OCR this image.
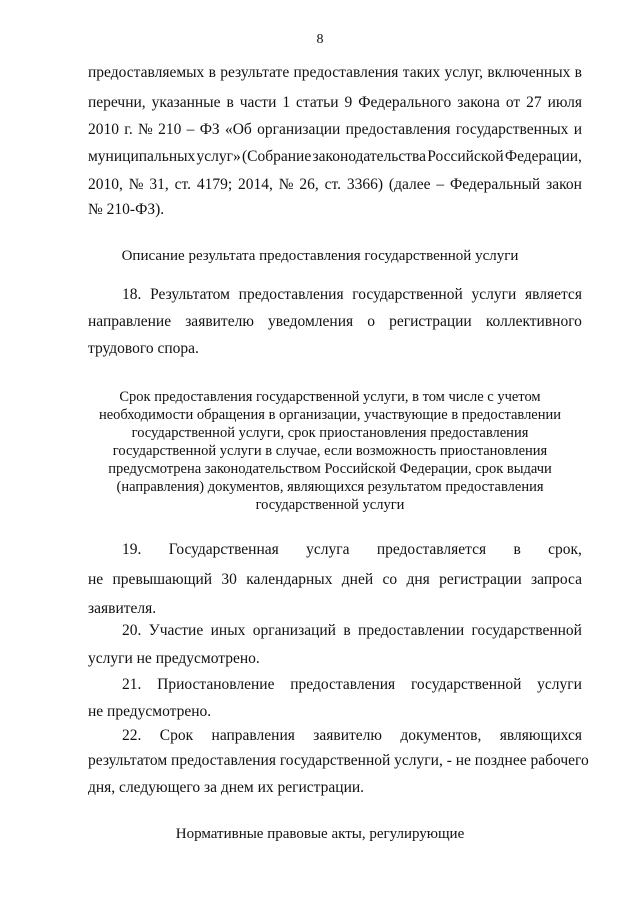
8
предоставляемых в результате предоставления таких услуг, включенных в
перечни, указанные в части 1 статьи 9 Федерального закона от 27 июля
2010 г. № 210 – ФЗ «Об организации предоставления государственных и
муниципальных услуг» (Собрание законодательства Российской Федерации,
2010, № 31, ст. 4179; 2014, № 26, ст. 3366) (далее – Федеральный закон
№ 210-ФЗ).
Описание результата предоставления государственной услуги
18. Результатом предоставления государственной услуги является
направление заявителю уведомления о регистрации коллективного
трудового спора.
Срок предоставления государственной услуги, в том числе с учетом
необходимости обращения в организации, участвующие в предоставлении
государственной услуги, срок приостановления предоставления
государственной услуги в случае, если возможность приостановления
предусмотрена законодательством Российской Федерации, срок выдачи
(направления) документов, являющихся результатом предоставления
государственной услуги
19. Государственная услуга предоставляется в срок,
не превышающий 30 календарных дней со дня регистрации запроса
заявителя.
20. Участие иных организаций в предоставлении государственной
услуги не предусмотрено.
21. Приостановление предоставления государственной услуги
не предусмотрено.
22. Срок направления заявителю документов, являющихся
результатом предоставления государственной услуги, - не позднее рабочего
дня, следующего за днем их регистрации.
Нормативные правовые акты, регулирующие
